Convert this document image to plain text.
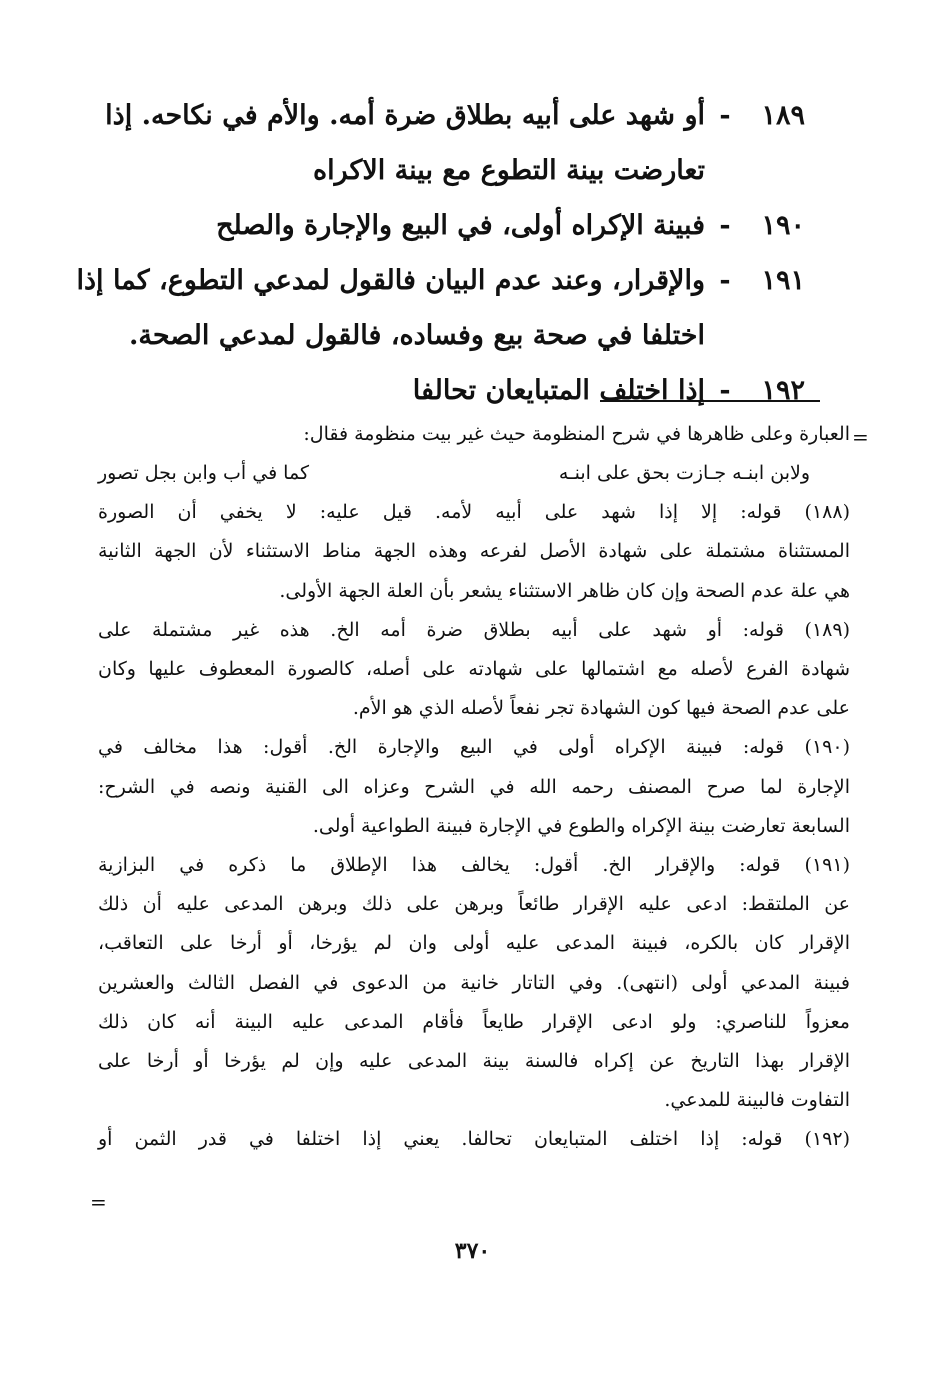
١٨٩
-
أو شهد على أبيه بطلاق ضرة أمه. والأم في نكاحه. إذا
تعارضت بينة التطوع مع بينة الاكراه
١٩٠
-
فبينة الإكراه أولى، في البيع والإجارة والصلح
١٩١
-
والإقرار، وعند عدم البيان فالقول لمدعي التطوع، كما إذا
اختلفا في صحة بيع وفساده، فالقول لمدعي الصحة.
١٩٢
-
إذا اختلف المتبايعان تحالفا
=
العبارة وعلى ظاهرها في شرح المنظومة حيث غير بيت منظومة فقال:
ولابن ابنـه جـازت بحق على ابنـه
كما في أب وابن بجل تصور
(١٨٨) قوله: إلا إذا شهد على أبيه لأمه. قيل عليه: لا يخفي أن الصورة
المستثناة مشتملة على شهادة الأصل لفرعه وهذه الجهة مناط الاستثناء لأن الجهة الثانية
هي علة عدم الصحة وإن كان ظاهر الاستثناء يشعر بأن العلة الجهة الأولى.
(١٨٩) قوله: أو شهد على أبيه بطلاق ضرة أمه الخ. هذه غير مشتملة على
شهادة الفرع لأصله مع اشتمالها على شهادته على أصله، كالصورة المعطوف عليها وكان
على عدم الصحة فيها كون الشهادة تجر نفعاً لأصله الذي هو الأم.
(١٩٠) قوله: فبينة الإكراه أولى في البيع والإجارة الخ. أقول: هذا مخالف في
الإجارة لما صرح المصنف رحمه الله في الشرح وعزاه الى القنية ونصه في الشرح:
السابعة تعارضت بينة الإكراه والطوع في الإجارة فبينة الطواعية أولى.
(١٩١) قوله: والإقرار الخ. أقول: يخالف هذا الإطلاق ما ذكره في البزازية
عن الملتقط: ادعى عليه الإقرار طائعاً وبرهن على ذلك وبرهن المدعى عليه أن ذلك
الإقرار كان بالكره، فبينة المدعى عليه أولى وان لم يؤرخا، أو أرخا على التعاقب،
فبينة المدعي أولى (انتهى). وفي التاتار خانية من الدعوى في الفصل الثالث والعشرين
معزواً للناصري: ولو ادعى الإقرار طايعاً فأقام المدعى عليه البينة أنه كان ذلك
الإقرار بهذا التاريخ عن إكراه فالسنة بينة المدعى عليه وإن لم يؤرخا أو أرخا على
التفاوت فالبينة للمدعي.
(١٩٢) قوله: إذا اختلف المتبايعان تحالفا. يعني إذا اختلفا في قدر الثمن أو
=
٣٧٠
